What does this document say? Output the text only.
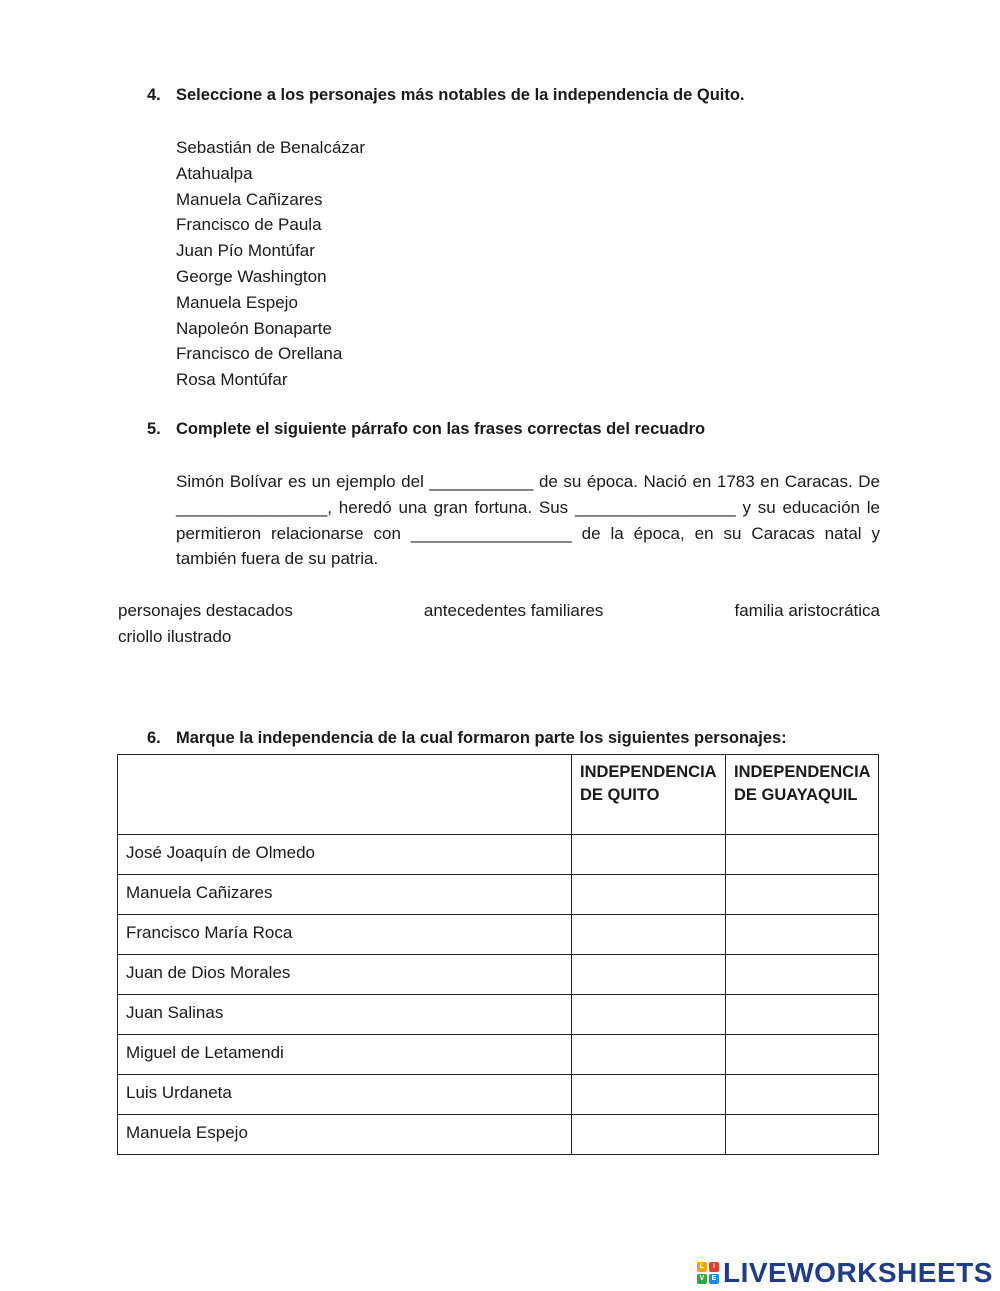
4. Seleccione a los personajes más notables de la independencia de Quito.
Sebastián de Benalcázar
Atahualpa
Manuela Cañizares
Francisco de Paula
Juan Pío Montúfar
George Washington
Manuela Espejo
Napoleón Bonaparte
Francisco de Orellana
Rosa Montúfar
5. Complete el siguiente párrafo con las frases correctas del recuadro
Simón Bolívar es un ejemplo del ___________ de su época. Nació en 1783 en Caracas. De ________________, heredó una gran fortuna. Sus _________________ y su educación le permitieron relacionarse con _________________ de la época, en su Caracas natal y también fuera de su patria.
personajes destacados	antecedentes familiares	familia aristocrática
criollo ilustrado
6. Marque la independencia de la cual formaron parte los siguientes personajes:
	INDEPENDENCIA DE QUITO	INDEPENDENCIA DE GUAYAQUIL
José Joaquín de Olmedo		
Manuela Cañizares		
Francisco María Roca		
Juan de Dios Morales		
Juan Salinas		
Miguel de Letamendi		
Luis Urdaneta		
Manuela Espejo		
L	I
V	E LIVEWORKSHEETS
